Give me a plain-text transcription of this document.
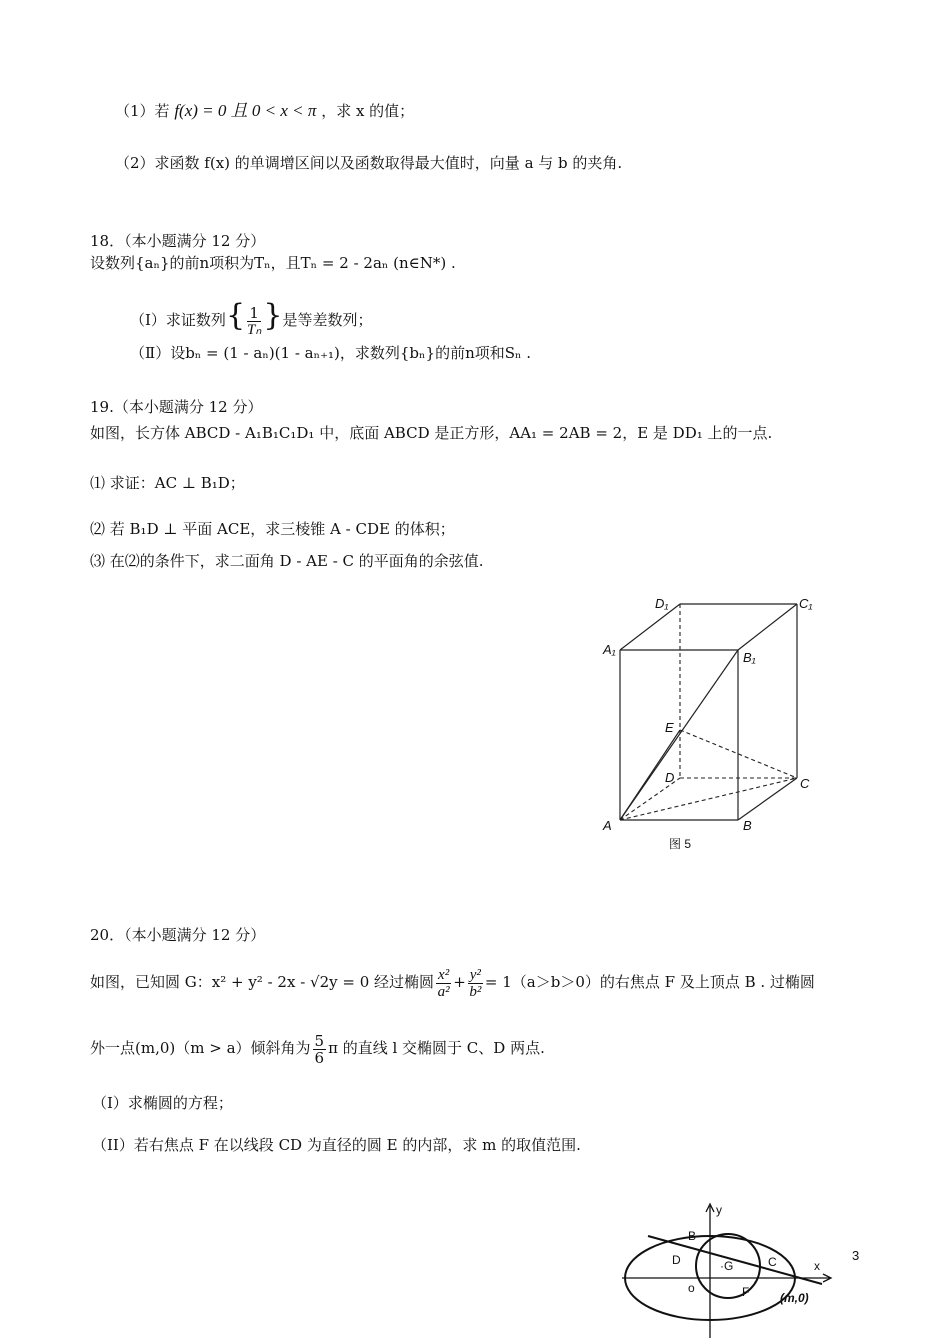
（1）若 f(x) = 0 且 0 < x < π ，求 x 的值；
（2）求函数 f(x) 的单调增区间以及函数取得最大值时，向量 a 与 b 的夹角.
18．（本小题满分 12 分）
设数列{aₙ}的前n项积为Tₙ，且Tₙ = 2 - 2aₙ (n∈N*) .
（Ⅰ）求证数列{ $\frac{1}{\text{Tₙ}}$ }是等差数列；
（Ⅱ）设bₙ = (1 - aₙ)(1 - aₙ₊₁)，求数列{bₙ}的前n项和Sₙ .
19.（本小题满分 12 分）
如图，长方体 ABCD - A₁B₁C₁D₁ 中，底面 ABCD 是正方形，AA₁ = 2AB = 2，E 是 DD₁ 上的一点.
⑴ 求证：AC ⊥ B₁D；
⑵ 若 B₁D ⊥ 平面 ACE，求三棱锥 A - CDE 的体积；
⑶ 在⑵的条件下，求二面角 D - AE - C 的平面角的余弦值.
D₁	C₁
A₁
B₁
E
D	C
A	B
图 5
20．（本小题满分 12 分）
如图，已知圆 G：x² + y² - 2x - √2y = 0 经过椭圆 $\frac{\text{x²}}{\text{a²}} + \frac{\text{y²}}{\text{b²}} = 1(a>b>0)$的右焦点 F 及上顶点 B . 过椭圆
外一点(m,0)（m > a）倾斜角为 $\frac{5}{6}$ π 的直线 l 交椭圆于 C、D 两点.
（I）求椭圆的方程；
（II）若右焦点 F 在以线段 CD 为直径的圆 E 的内部，求 m 的取值范围.
y
x
B
D	·G	C
o	F	(m,0)
3
